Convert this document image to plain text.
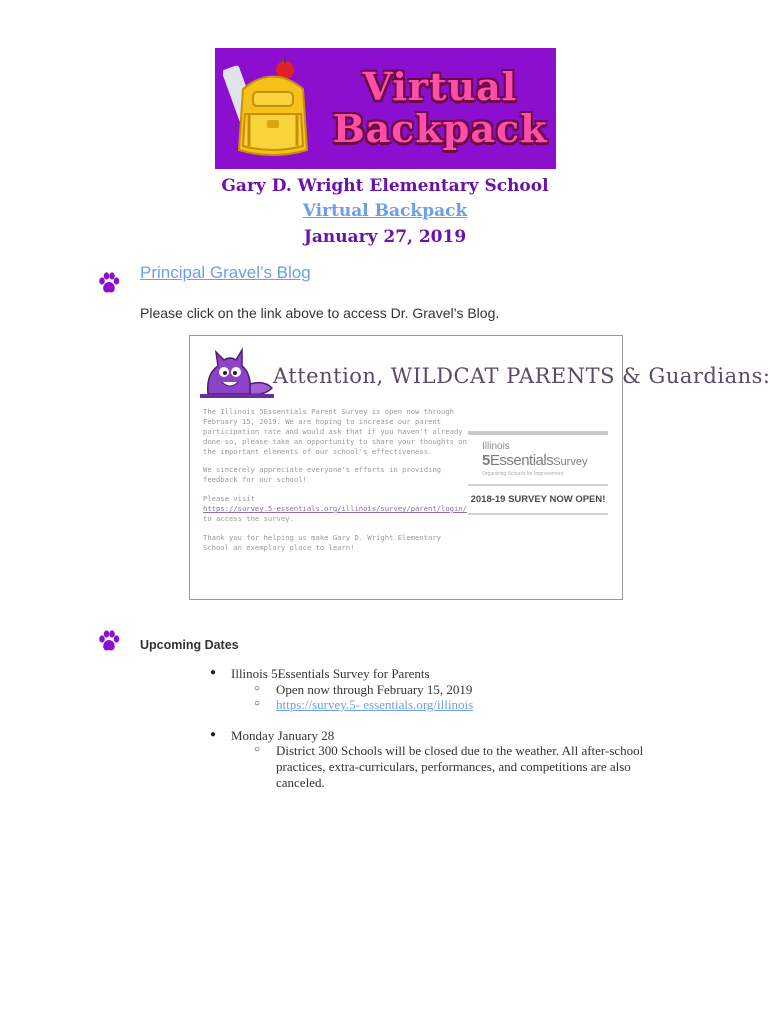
Virtual
Backpack
Gary D. Wright Elementary School
Virtual Backpack
January 27, 2019
Principal Gravel’s Blog
Please click on the link above to access Dr. Gravel’s Blog.
Attention, WILDCAT PARENTS & Guardians:
The Illinois 5Essentials Parent Survey is open now through February 15, 2019. We are hoping to increase our parent participation rate and would ask that if you haven't already done so, please take an opportunity to share your thoughts on the important elements of our school's effectiveness.
We sincerely appreciate everyone's efforts in providing feedback for our school!
Please visit
https://survey.5-essentials.org/illinois/survey/parent/login/
to access the survey.
Thank you for helping us make Gary D. Wright Elementary School an exemplary place to learn!
Illinois
5EssentialsSurvey
Organizing Schools for Improvement
2018-19 SURVEY NOW OPEN!
Upcoming Dates
● Illinois 5Essentials Survey for Parents
○ Open now through February 15, 2019
○ https://survey.5- essentials.org/illinois
● Monday January 28
○ District 300 Schools will be closed due to the weather. All after-school practices, extra-curriculars, performances, and competitions are also canceled.
